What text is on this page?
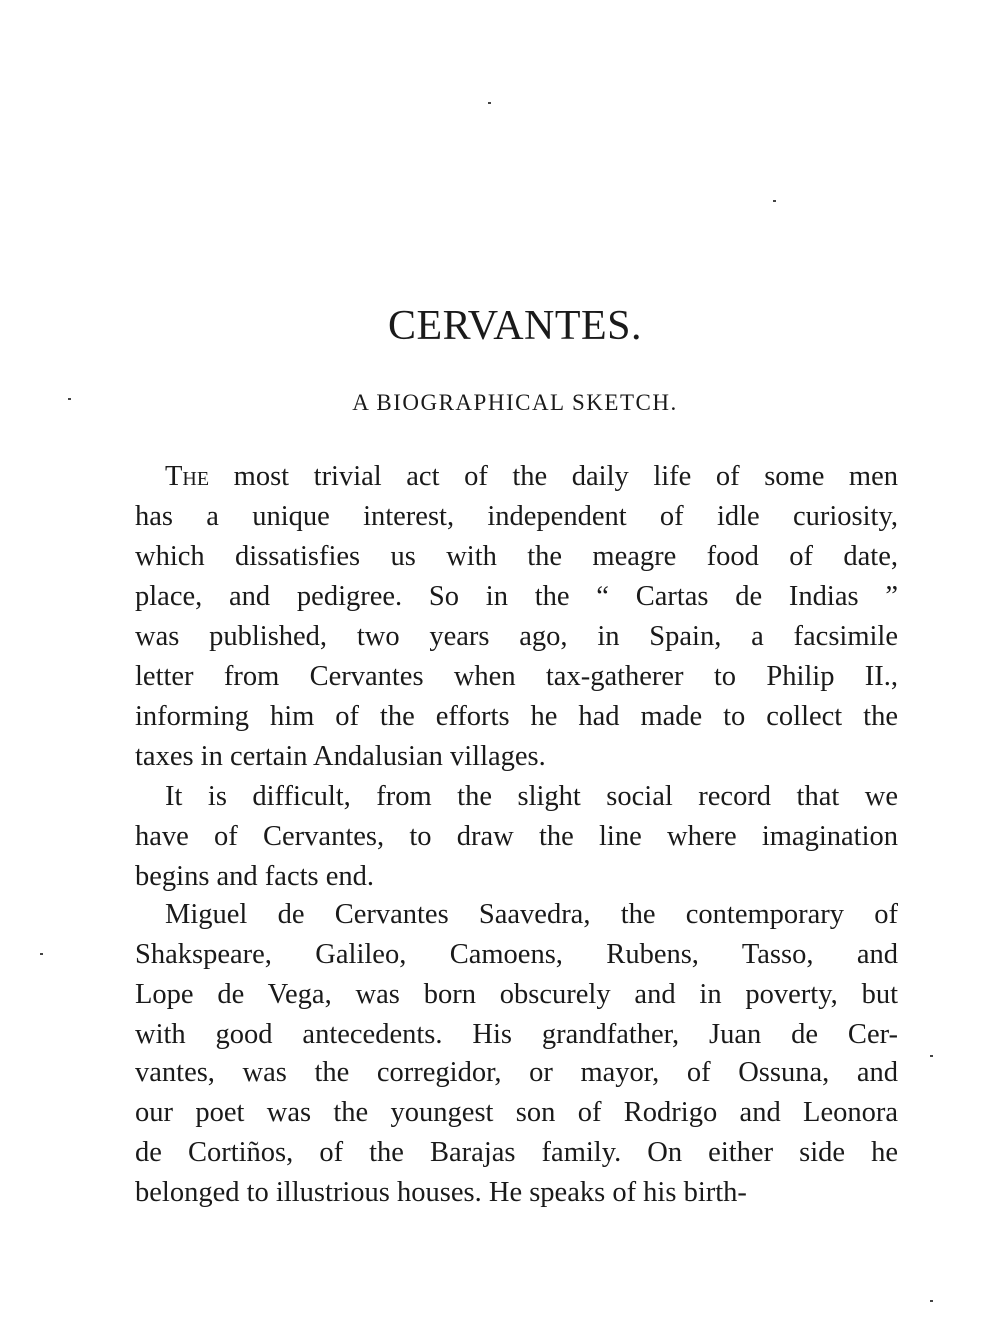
CERVANTES.
A BIOGRAPHICAL SKETCH.
The most trivial act of the daily life of some men
has a unique interest, independent of idle curiosity,
which dissatisfies us with the meagre food of date,
place, and pedigree. So in the “ Cartas de Indias ”
was published, two years ago, in Spain, a facsimile
letter from Cervantes when tax-gatherer to Philip II.,
informing him of the efforts he had made to collect the
taxes in certain Andalusian villages.
It is difficult, from the slight social record that we
have of Cervantes, to draw the line where imagination
begins and facts end.
Miguel de Cervantes Saavedra, the contemporary of
Shakspeare, Galileo, Camoens, Rubens, Tasso, and
Lope de Vega, was born obscurely and in poverty, but
with good antecedents. His grandfather, Juan de Cer-
vantes, was the corregidor, or mayor, of Ossuna, and
our poet was the youngest son of Rodrigo and Leonora
de Cortiños, of the Barajas family. On either side he
belonged to illustrious houses. He speaks of his birth-
